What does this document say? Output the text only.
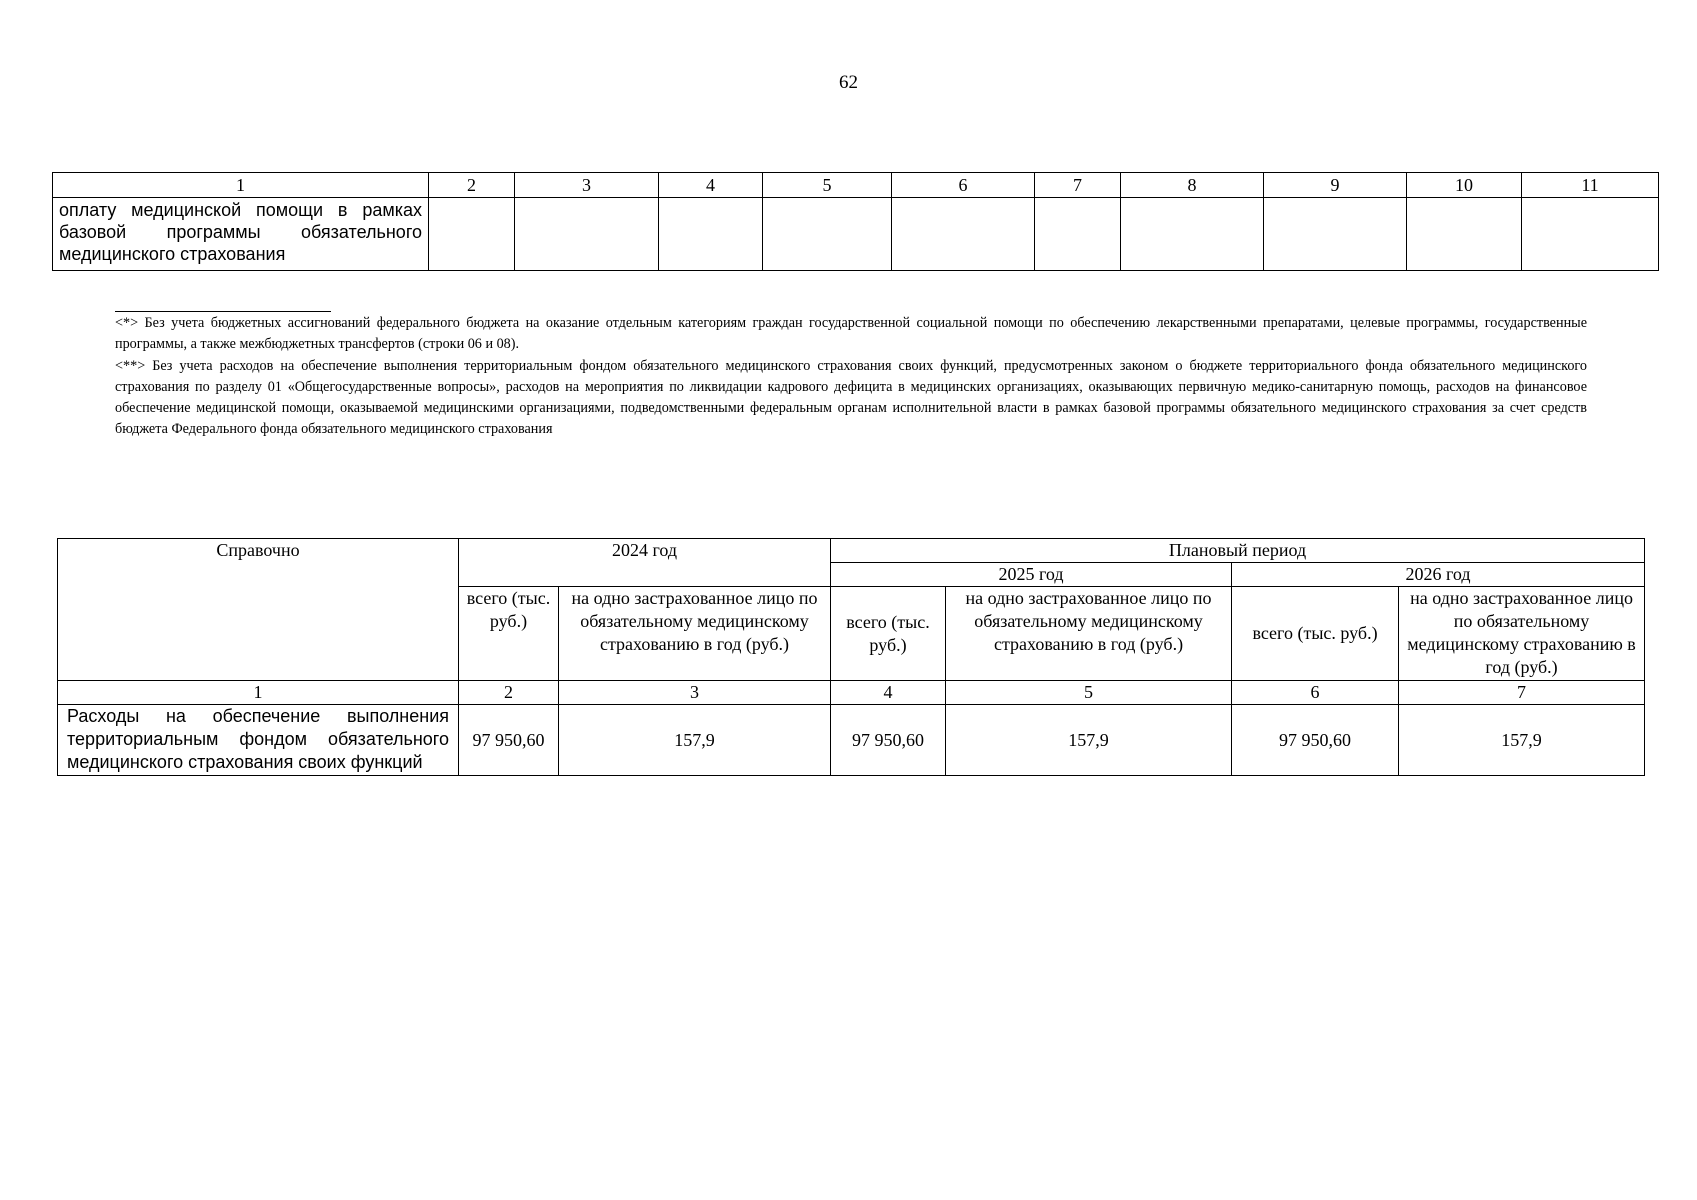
62
1	2	3	4	5	6	7	8	9	10	11
оплату медицинской помощи в рамках базовой программы обязательного медицинского страхования										

<*> Без учета бюджетных ассигнований федерального бюджета на оказание отдельным категориям граждан государственной социальной помощи по обеспечению лекарственными препаратами, целевые программы, государственные программы, а также межбюджетных трансфертов (строки 06 и 08).

<**> Без учета расходов на обеспечение выполнения территориальным фондом обязательного медицинского страхования своих функций, предусмотренных законом о бюджете территориального фонда обязательного медицинского страхования по разделу 01 «Общегосударственные вопросы», расходов на мероприятия по ликвидации кадрового дефицита в медицинских организациях, оказывающих первичную медико-санитарную помощь, расходов на финансовое обеспечение медицинской помощи, оказываемой медицинскими организациями, подведомственными федеральным органам исполнительной власти в рамках базовой программы обязательного медицинского страхования за счет средств бюджета Федерального фонда обязательного медицинского страхования

Справочно	2024 год		Плановый период			
			2025 год		2026 год	
	всего (тыс. руб.)	на одно застрахованное лицо по обязательному медицинскому страхованию в год (руб.)	всего (тыс. руб.)	на одно застрахованное лицо по обязательному медицинскому страхованию в год (руб.)	всего (тыс. руб.)	на одно застрахованное лицо по обязательному медицинскому страхованию в год (руб.)
1	2	3	4	5	6	7
Расходы на обеспечение выполнения территориальным фондом обязательного медицинского страхования своих функций	97 950,60	157,9	97 950,60	157,9	97 950,60	157,9
